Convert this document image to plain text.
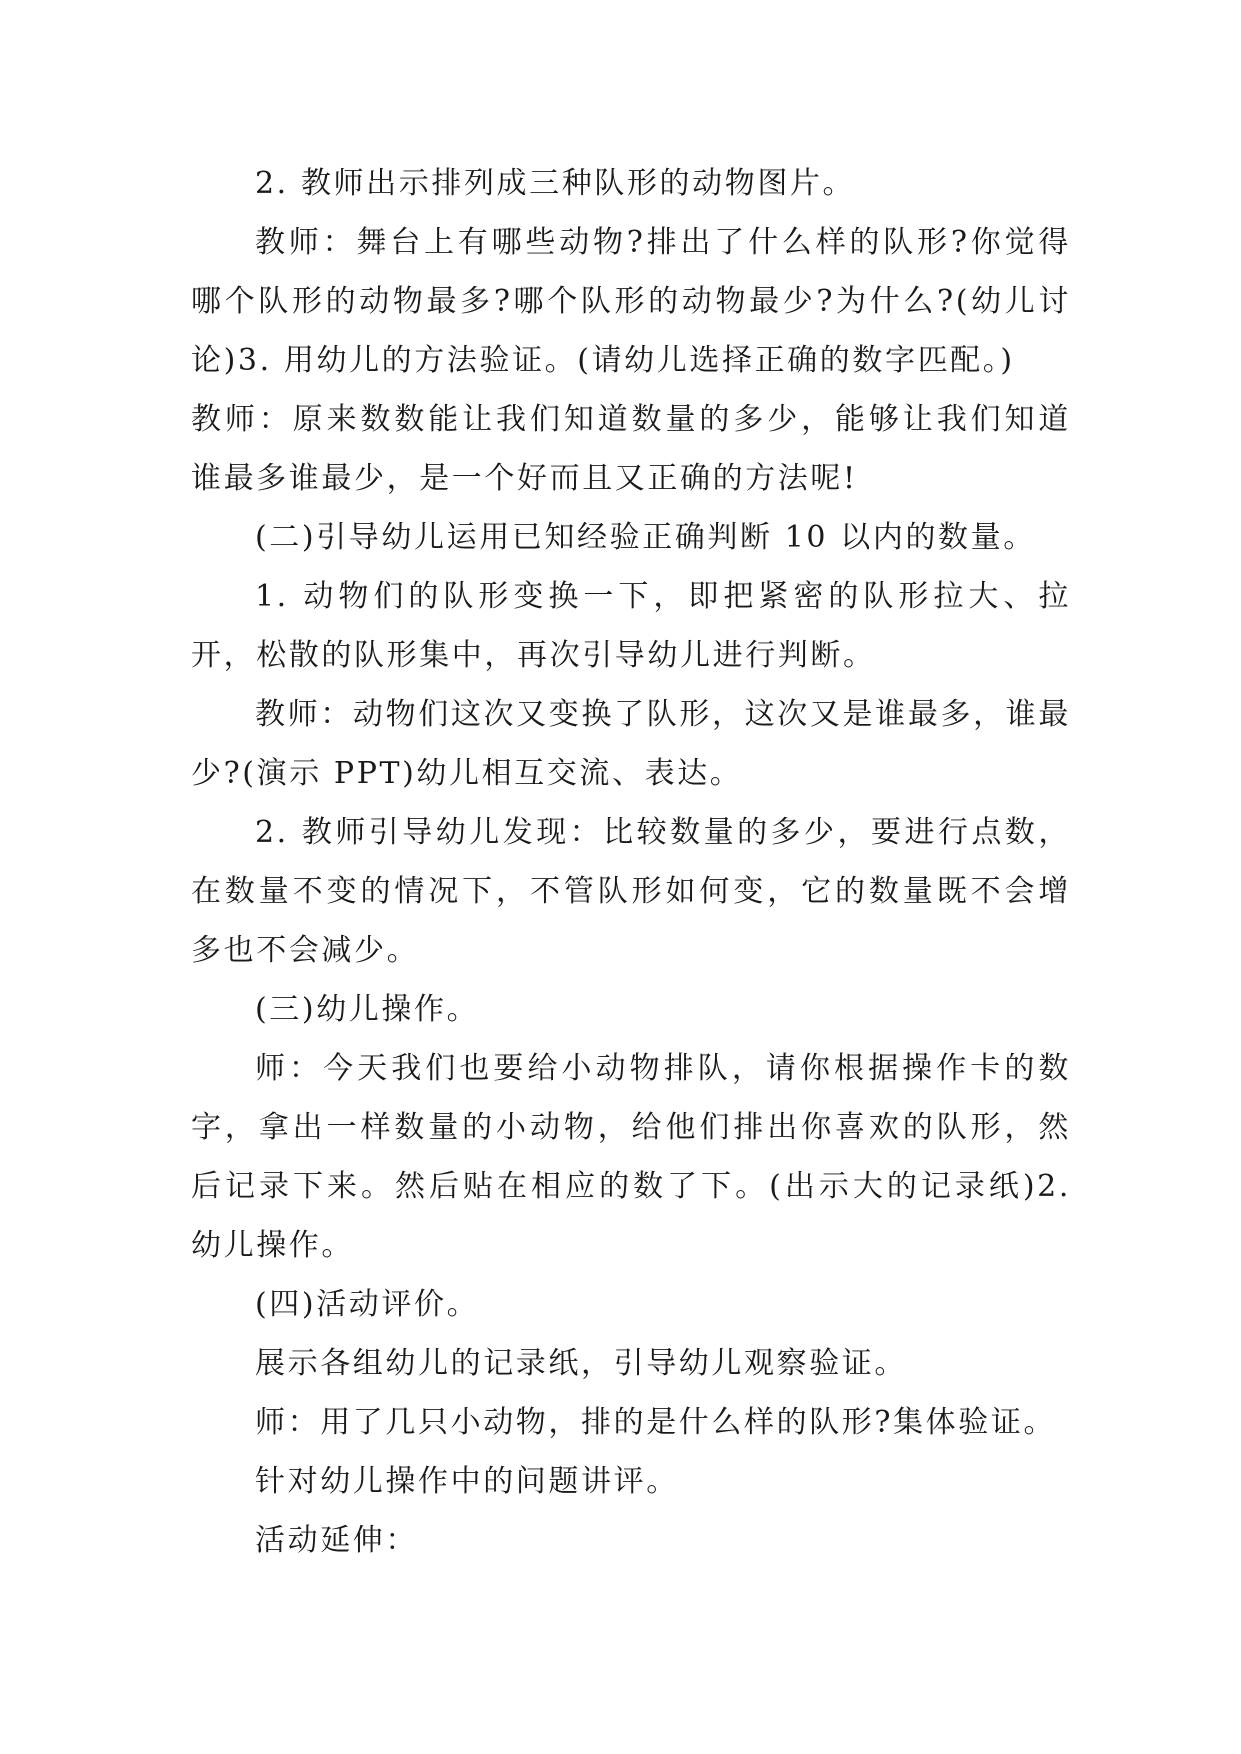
2. 教师出示排列成三种队形的动物图片。

教师：舞台上有哪些动物?排出了什么样的队形?你觉得哪个队形的动物最多?哪个队形的动物最少?为什么?(幼儿讨论)3. 用幼儿的方法验证。(请幼儿选择正确的数字匹配。)

教师：原来数数能让我们知道数量的多少，能够让我们知道谁最多谁最少，是一个好而且又正确的方法呢!

(二)引导幼儿运用已知经验正确判断 10 以内的数量。

1. 动物们的队形变换一下，即把紧密的队形拉大、拉开，松散的队形集中，再次引导幼儿进行判断。

教师：动物们这次又变换了队形，这次又是谁最多，谁最少?(演示 PPT)幼儿相互交流、表达。

2. 教师引导幼儿发现：比较数量的多少，要进行点数，在数量不变的情况下，不管队形如何变，它的数量既不会增多也不会减少。

(三)幼儿操作。

师：今天我们也要给小动物排队，请你根据操作卡的数字，拿出一样数量的小动物，给他们排出你喜欢的队形，然后记录下来。然后贴在相应的数了下。(出示大的记录纸)2. 幼儿操作。

(四)活动评价。

展示各组幼儿的记录纸，引导幼儿观察验证。

师：用了几只小动物，排的是什么样的队形?集体验证。

针对幼儿操作中的问题讲评。

活动延伸：
